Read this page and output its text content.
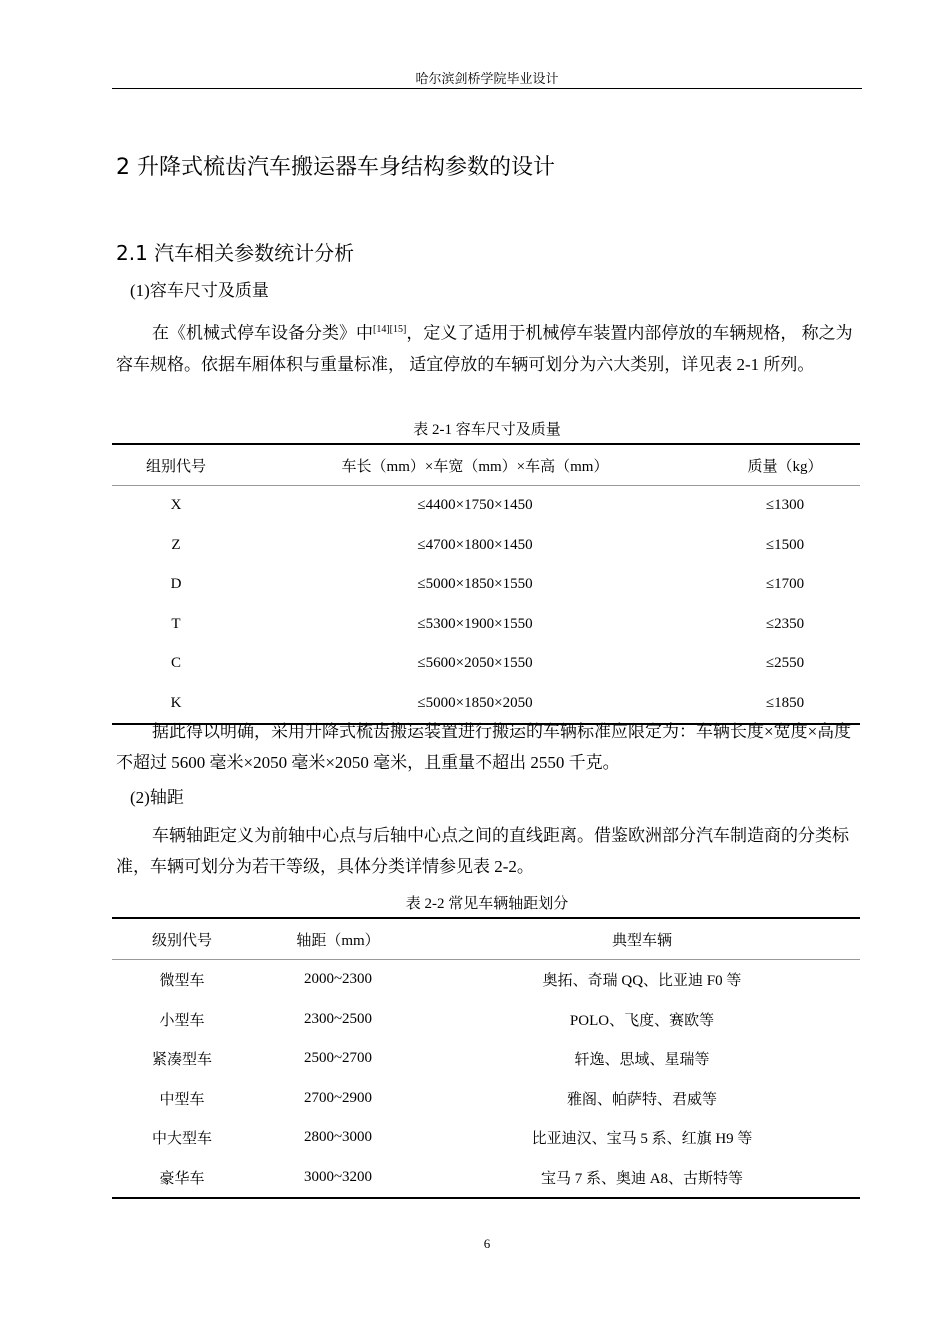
哈尔滨剑桥学院毕业设计
2 升降式梳齿汽车搬运器车身结构参数的设计
2.1 汽车相关参数统计分析
(1)容车尺寸及质量
在《机械式停车设备分类》中[14][15]，定义了适用于机械停车装置内部停放的车辆规格， 称之为容车规格。依据车厢体积与重量标准， 适宜停放的车辆可划分为六大类别，详见表 2-1 所列。
表 2-1 容车尺寸及质量
组别代号	车长（mm）×车宽（mm）×车高（mm）	质量（kg）
X	≤4400×1750×1450	≤1300
Z	≤4700×1800×1450	≤1500
D	≤5000×1850×1550	≤1700
T	≤5300×1900×1550	≤2350
C	≤5600×2050×1550	≤2550
K	≤5000×1850×2050	≤1850
据此得以明确，采用升降式梳齿搬运装置进行搬运的车辆标准应限定为：车辆长度×宽度×高度不超过 5600 毫米×2050 毫米×2050 毫米，且重量不超出 2550 千克。
(2)轴距
车辆轴距定义为前轴中心点与后轴中心点之间的直线距离。借鉴欧洲部分汽车制造商的分类标准，车辆可划分为若干等级，具体分类详情参见表 2-2。
表 2-2 常见车辆轴距划分
级别代号	轴距（mm）	典型车辆
微型车	2000~2300	奥拓、奇瑞 QQ、比亚迪 F0 等
小型车	2300~2500	POLO、飞度、赛欧等
紧凑型车	2500~2700	轩逸、思域、星瑞等
中型车	2700~2900	雅阁、帕萨特、君威等
中大型车	2800~3000	比亚迪汉、宝马 5 系、红旗 H9 等
豪华车	3000~3200	宝马 7 系、奥迪 A8、古斯特等
6
